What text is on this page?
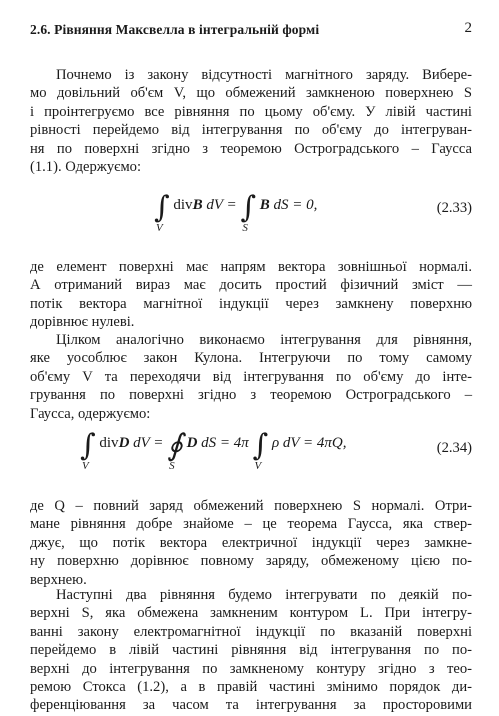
2.6. Рівняння Максвелла в інтегральній формі	2

Почнемо із закону відсутності магнітного заряду. Вибере-
мо довільний об'єм V, що обмежений замкненою поверхнею S
і проінтегруємо все рівняння по цьому об'єму. У лівій частині
рівності перейдемо від інтегрування по об'єму до інтегруван-
ня по поверхні згідно з теоремою Остроградського – Гаусса
(1.1). Одержуємо:

∫
V
divB dV = ∫
S
B dS = 0,	(2.33)

де елемент поверхні має напрям вектора зовнішньої нормалі.
А отриманий вираз має досить простий фізичний зміст —
потік вектора магнітної індукції через замкнену поверхню
дорівнює нулеві.

Цілком аналогічно виконаємо інтегрування для рівняння,
яке уособлює закон Кулона. Інтегруючи по тому самому
об'єму V та переходячи від інтегрування по об'єму до інте-
грування по поверхні згідно з теоремою Остроградського –
Гаусса, одержуємо:

∫
V
divD dV = ∮
S
D dS = 4π ∫
V
ρ dV = 4πQ,	(2.34)

де Q – повний заряд обмежений поверхнею S нормалі. Отри-
мане рівняння добре знайоме – це теорема Гаусса, яка ствер-
джує, що потік вектора електричної індукції через замкне-
ну поверхню дорівнює повному заряду, обмеженому цією по-
верхнею.

Наступні два рівняння будемо інтегрувати по деякій по-
верхні S, яка обмежена замкненим контуром L. При інтегру-
ванні закону електромагнітної індукції по вказаній поверхні
перейдемо в лівій частині рівняння від інтегрування по по-
верхні до інтегрування по замкненому контуру згідно з тео-
ремою Стокса (1.2), а в правій частині змінимо порядок ди-
ференціювання за часом та інтегрування за просторовими
